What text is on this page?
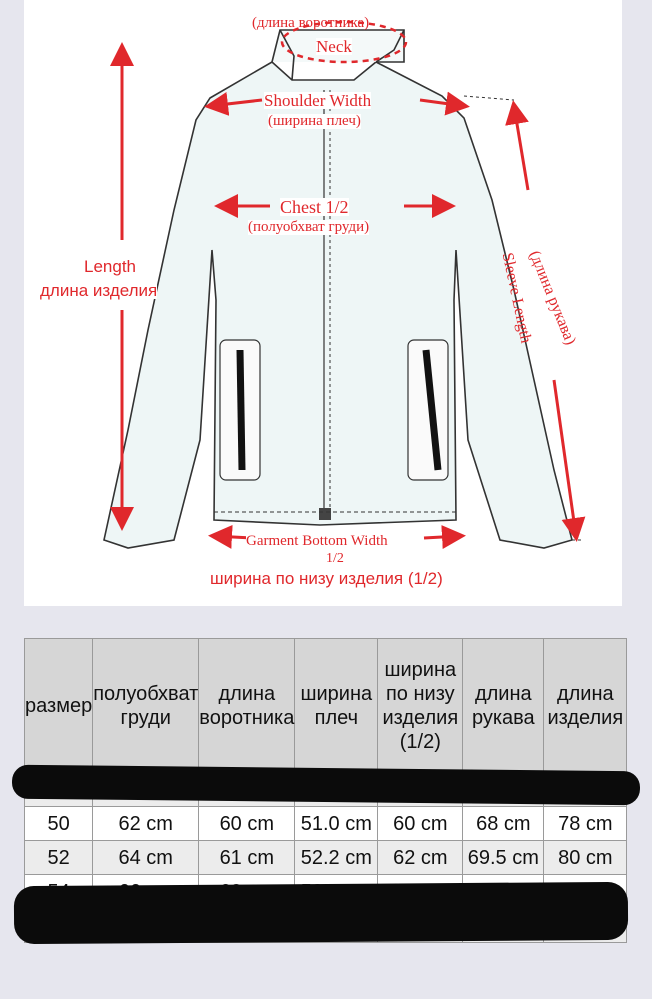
(длина воротника)
Neck
Shoulder Width
(ширина плеч)
Chest 1/2
(полуобхват груди)
Length
длина изделия	(длина рукава)
Sleeve Length
Garment Bottom Width
1/2
ширина по низу изделия (1/2)
размер	полуобхват груди	длина воротника	ширина плеч	ширина по низу изделия (1/2)	длина рукава	длина изделия

50	62 cm	60 cm	51.0 cm	60 cm	68 cm	78 cm
52	64 cm	61 cm	52.2 cm	62 cm	69.5 cm	80 cm
